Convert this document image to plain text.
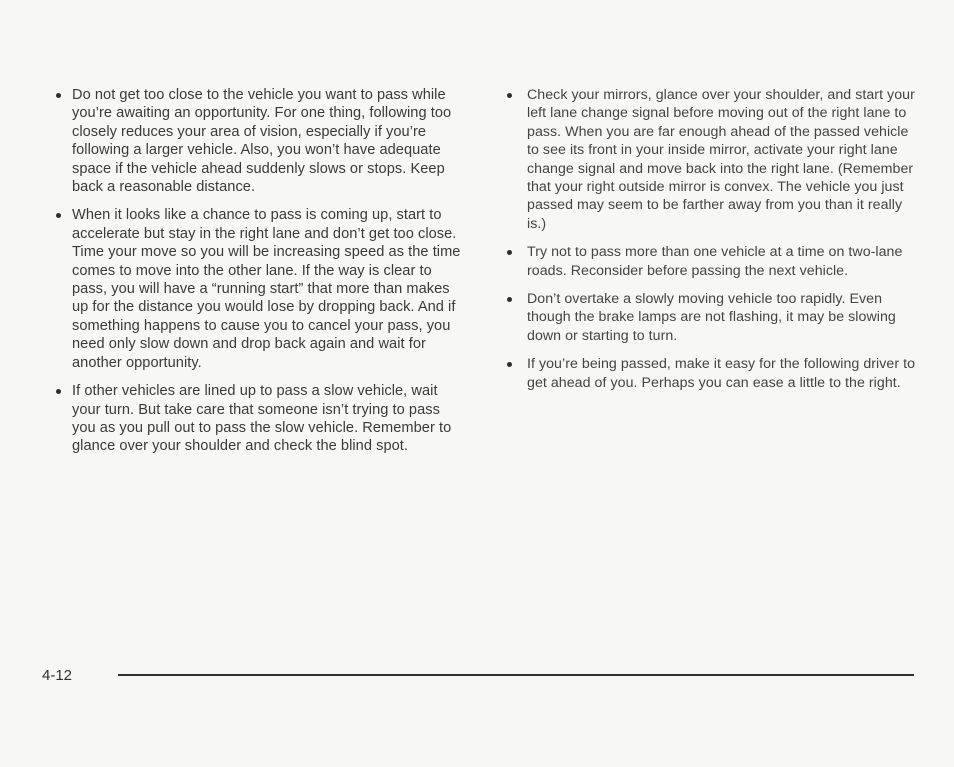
Do not get too close to the vehicle you want to pass while you’re awaiting an opportunity. For one thing, following too closely reduces your area of vision, especially if you’re following a larger vehicle. Also, you won’t have adequate space if the vehicle ahead suddenly slows or stops. Keep back a reasonable distance.
When it looks like a chance to pass is coming up, start to accelerate but stay in the right lane and don’t get too close. Time your move so you will be increasing speed as the time comes to move into the other lane. If the way is clear to pass, you will have a “running start” that more than makes up for the distance you would lose by dropping back. And if something happens to cause you to cancel your pass, you need only slow down and drop back again and wait for another opportunity.
If other vehicles are lined up to pass a slow vehicle, wait your turn. But take care that someone isn’t trying to pass you as you pull out to pass the slow vehicle. Remember to glance over your shoulder and check the blind spot.
Check your mirrors, glance over your shoulder, and start your left lane change signal before moving out of the right lane to pass. When you are far enough ahead of the passed vehicle to see its front in your inside mirror, activate your right lane change signal and move back into the right lane. (Remember that your right outside mirror is convex. The vehicle you just passed may seem to be farther away from you than it really is.)
Try not to pass more than one vehicle at a time on two-lane roads. Reconsider before passing the next vehicle.
Don’t overtake a slowly moving vehicle too rapidly. Even though the brake lamps are not flashing, it may be slowing down or starting to turn.
If you’re being passed, make it easy for the following driver to get ahead of you. Perhaps you can ease a little to the right.
4-12
